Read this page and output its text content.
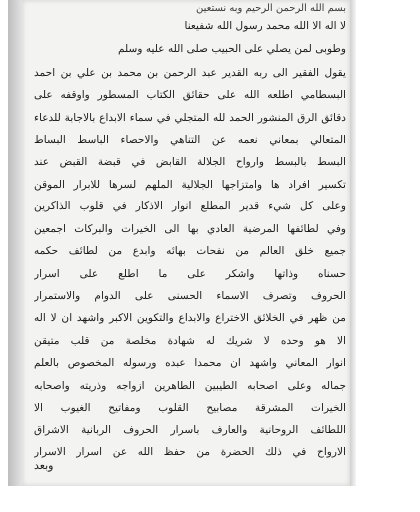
بسم الله الرحمن الرحيم وبه نستعين
لا اله الا الله محمد رسول الله شفيعنا
وطوبى لمن يصلي على الحبيب صلى الله عليه وسلم
يقول الفقير الى ربه القدير عبد الرحمن بن محمد بن علي بن احمد
البسطامي اطلعه الله على حقائق الكتاب المسطور واوقفه على
دقائق الرق المنشور الحمد لله المتجلي في سماء الابداع بالاجابة للدعاء
المتعالي بمعاني نعمه عن التناهي والاحصاء الباسط البساط
البسط بالبسط وارواح الجلالة القابض في قبضة القبض عند
تكسير افراد ها وامتزاجها الجلالية الملهم لسرها للابرار الموقن
وعلى كل شيء قدير المطلع انوار الاذكار في قلوب الذاكرين
وفي لطائفها المرضية العادي بها الى الخيرات والبركات اجمعين
جميع خلق العالم من نفحات بهائه وابدع من لطائف حكمه
حسناه وذاتها واشكر على ما اطلع على اسرار
الحروف وتصرف الاسماء الحسنى على الدوام والاستمرار
من ظهر في الخلائق الاختراع والابداع والتكوين الاكبر واشهد ان لا اله
الا هو وحده لا شريك له شهادة مخلصة من قلب متيقن
انوار المعاني واشهد ان محمدا عبده ورسوله المخصوص بالعلم
جماله وعلى اصحابه الطيبين الطاهرين ازواجه وذريته واصحابه
الخيرات المشرقة مصابيح القلوب ومفاتيح الغيوب الا
اللطائف الروحانية والعارف باسرار الحروف الربانية الاشراق
الارواح في ذلك الحضرة من حفظ الله عن اسرار الاسرار
وبعد
